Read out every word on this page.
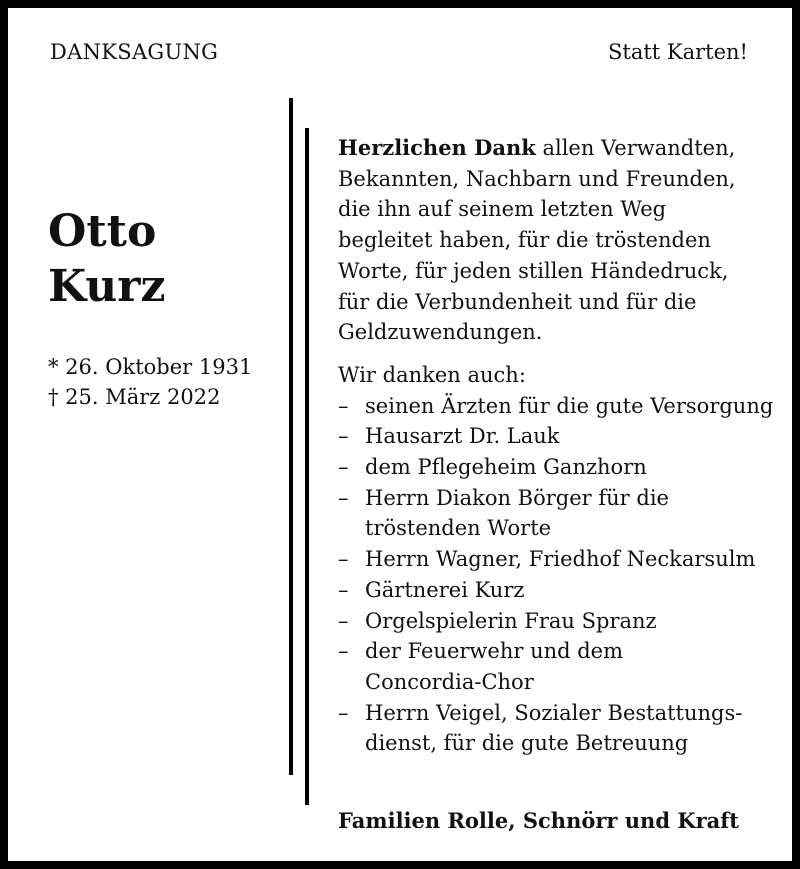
DANKSAGUNG	Statt Karten!
Otto
Kurz
* 26. Oktober 1931
† 25. März 2022

Herzlichen Dank allen Verwandten,
Bekannten, Nachbarn und Freunden,
die ihn auf seinem letzten Weg
begleitet haben, für die tröstenden
Worte, für jeden stillen Händedruck,
für die Verbundenheit und für die
Geldzuwendungen.

Wir danken auch:

– seinen Ärzten für die gute Versorgung
– Hausarzt Dr. Lauk
– dem Pflegeheim Ganzhorn
– Herrn Diakon Börger für die
tröstenden Worte
– Herrn Wagner, Friedhof Neckarsulm
– Gärtnerei Kurz
– Orgelspielerin Frau Spranz
– der Feuerwehr und dem
Concordia-Chor
– Herrn Veigel, Sozialer Bestattungs-
dienst, für die gute Betreuung
Familien Rolle, Schnörr und Kraft
